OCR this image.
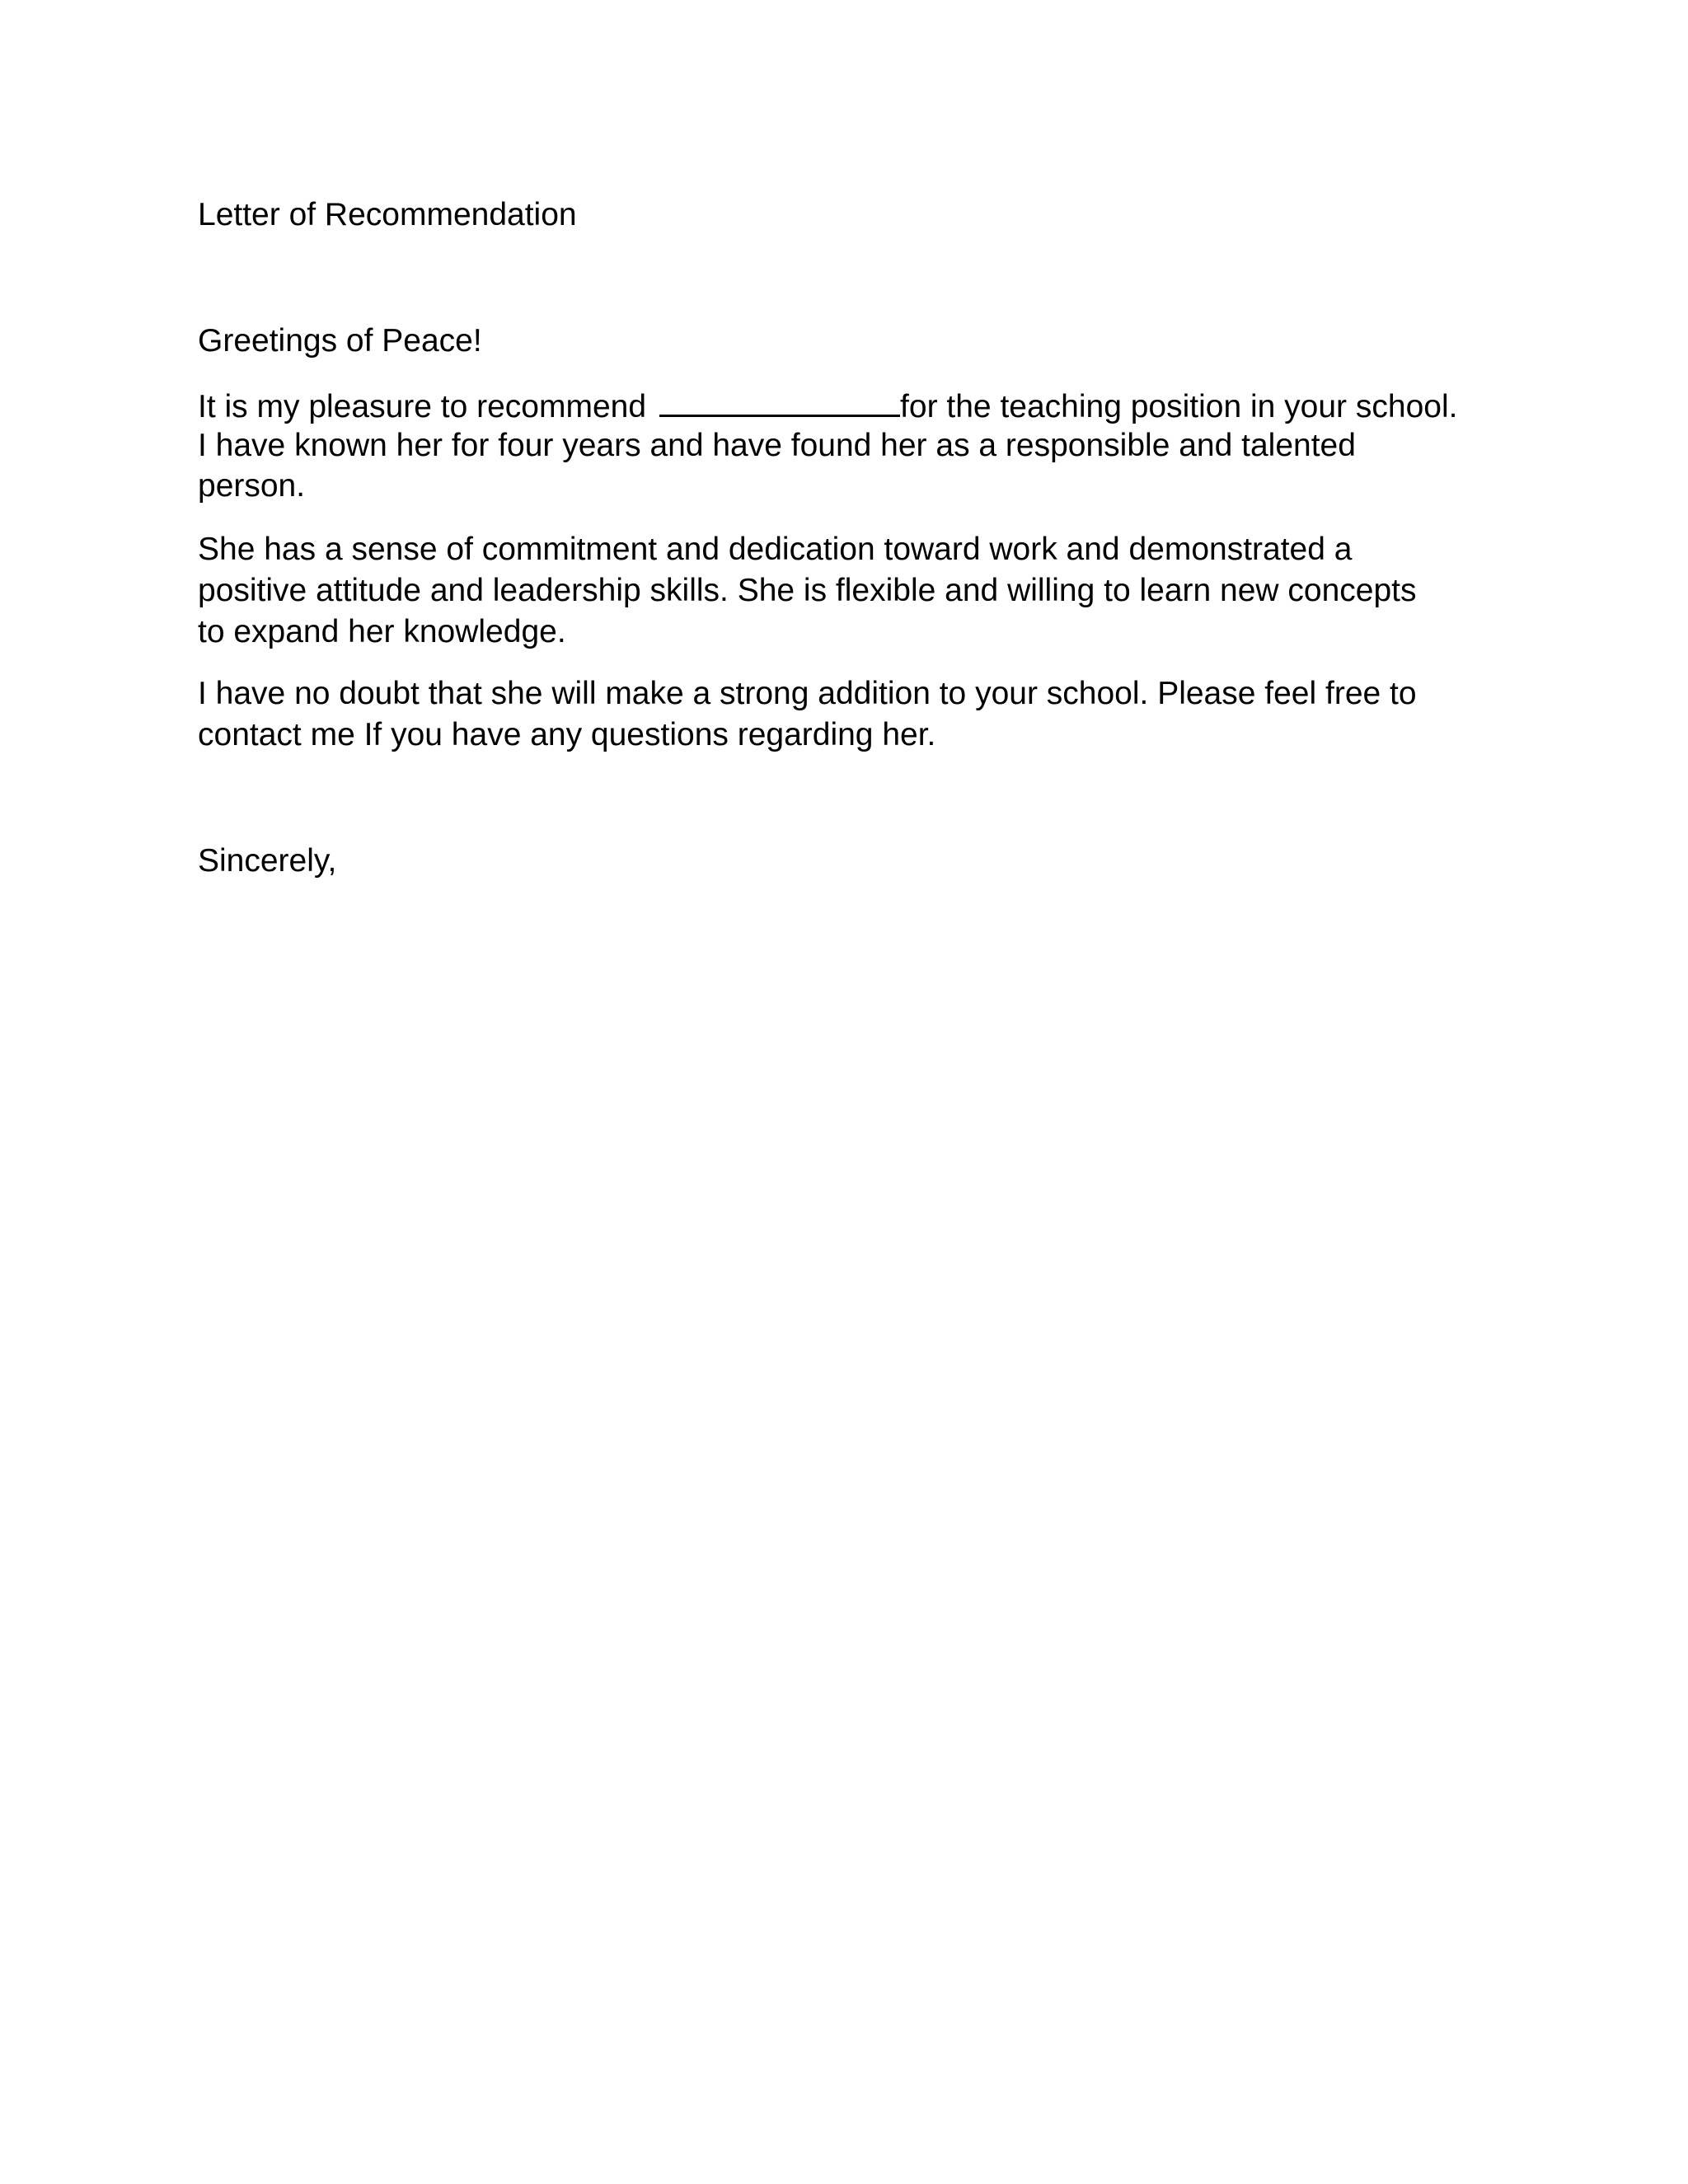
Letter of Recommendation
Greetings of Peace!
It is my pleasure to recommend	for the teaching position in your school.
I have known her for four years and have found her as a responsible and talented
person.
She has a sense of commitment and dedication toward work and demonstrated a
positive attitude and leadership skills. She is flexible and willing to learn new concepts
to expand her knowledge.
I have no doubt that she will make a strong addition to your school. Please feel free to
contact me If you have any questions regarding her.
Sincerely,
